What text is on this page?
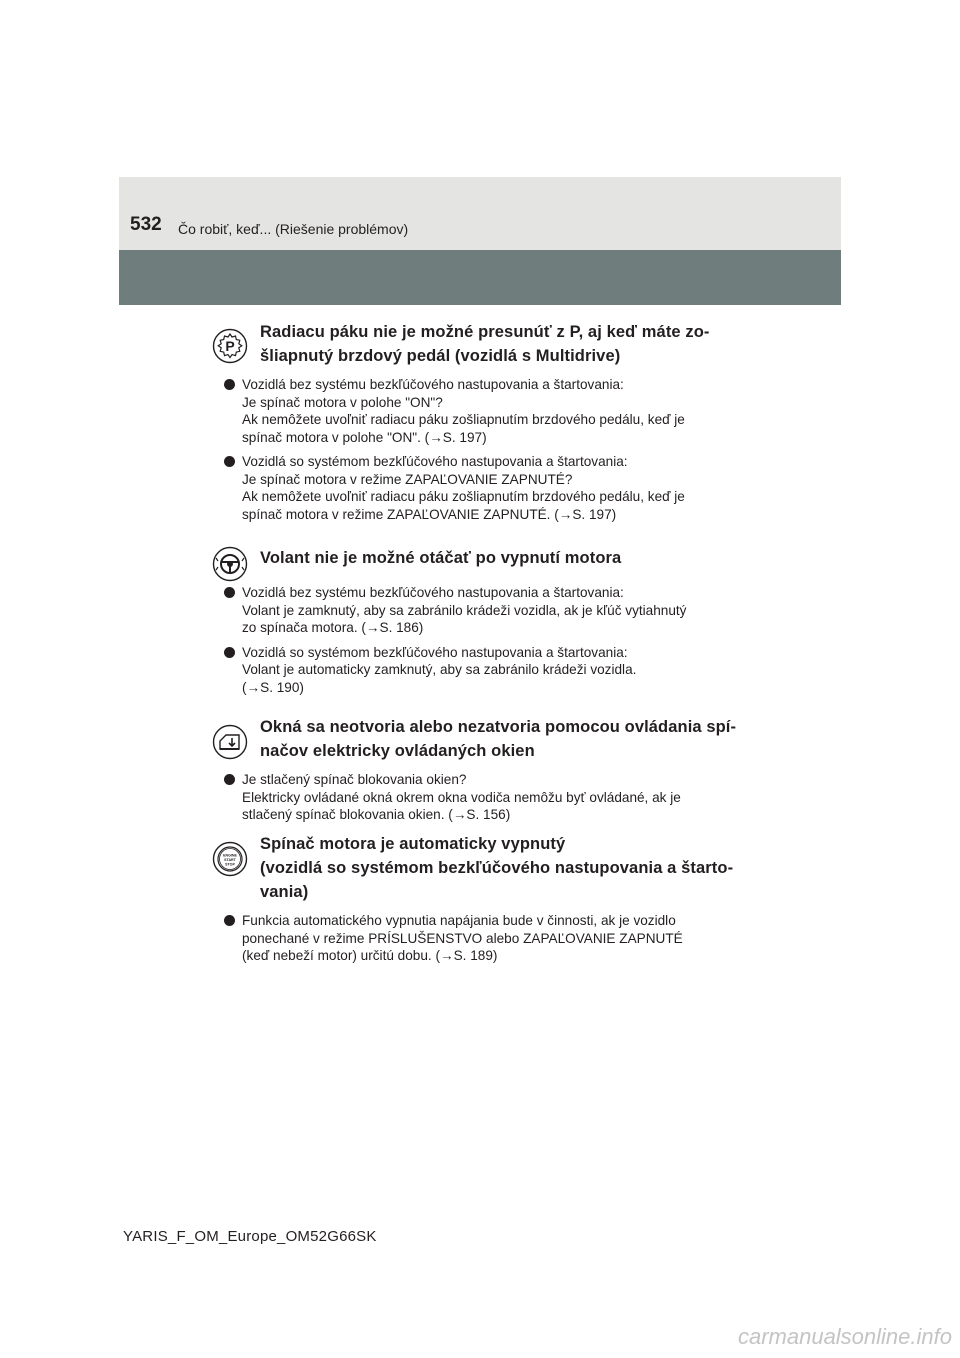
532 Čo robiť, keď... (Riešenie problémov)
P
Radiacu páku nie je možné presunúť z P, aj keď máte zo-
šliapnutý brzdový pedál (vozidlá s Multidrive)
Vozidlá bez systému bezkľúčového nastupovania a štartovania:
Je spínač motora v polohe "ON"?
Ak nemôžete uvoľniť radiacu páku zošliapnutím brzdového pedálu, keď je
spínač motora v polohe "ON". (→S. 197)
Vozidlá so systémom bezkľúčového nastupovania a štartovania:
Je spínač motora v režime ZAPAĽOVANIE ZAPNUTÉ?
Ak nemôžete uvoľniť radiacu páku zošliapnutím brzdového pedálu, keď je
spínač motora v režime ZAPAĽOVANIE ZAPNUTÉ. (→S. 197)
Volant nie je možné otáčať po vypnutí motora
Vozidlá bez systému bezkľúčového nastupovania a štartovania:
Volant je zamknutý, aby sa zabránilo krádeži vozidla, ak je kľúč vytiahnutý
zo spínača motora. (→S. 186)
Vozidlá so systémom bezkľúčového nastupovania a štartovania:
Volant je automaticky zamknutý, aby sa zabránilo krádeži vozidla.
(→S. 190)
Okná sa neotvoria alebo nezatvoria pomocou ovládania spí-
načov elektricky ovládaných okien
Je stlačený spínač blokovania okien?
Elektricky ovládané okná okrem okna vodiča nemôžu byť ovládané, ak je
stlačený spínač blokovania okien. (→S. 156)
ENGINE
START
STOP
Spínač motora je automaticky vypnutý
(vozidlá so systémom bezkľúčového nastupovania a štarto-
vania)
Funkcia automatického vypnutia napájania bude v činnosti, ak je vozidlo
ponechané v režime PRÍSLUŠENSTVO alebo ZAPAĽOVANIE ZAPNUTÉ
(keď nebeží motor) určitú dobu. (→S. 189)
YARIS_F_OM_Europe_OM52G66SK
carmanualsonline.info
